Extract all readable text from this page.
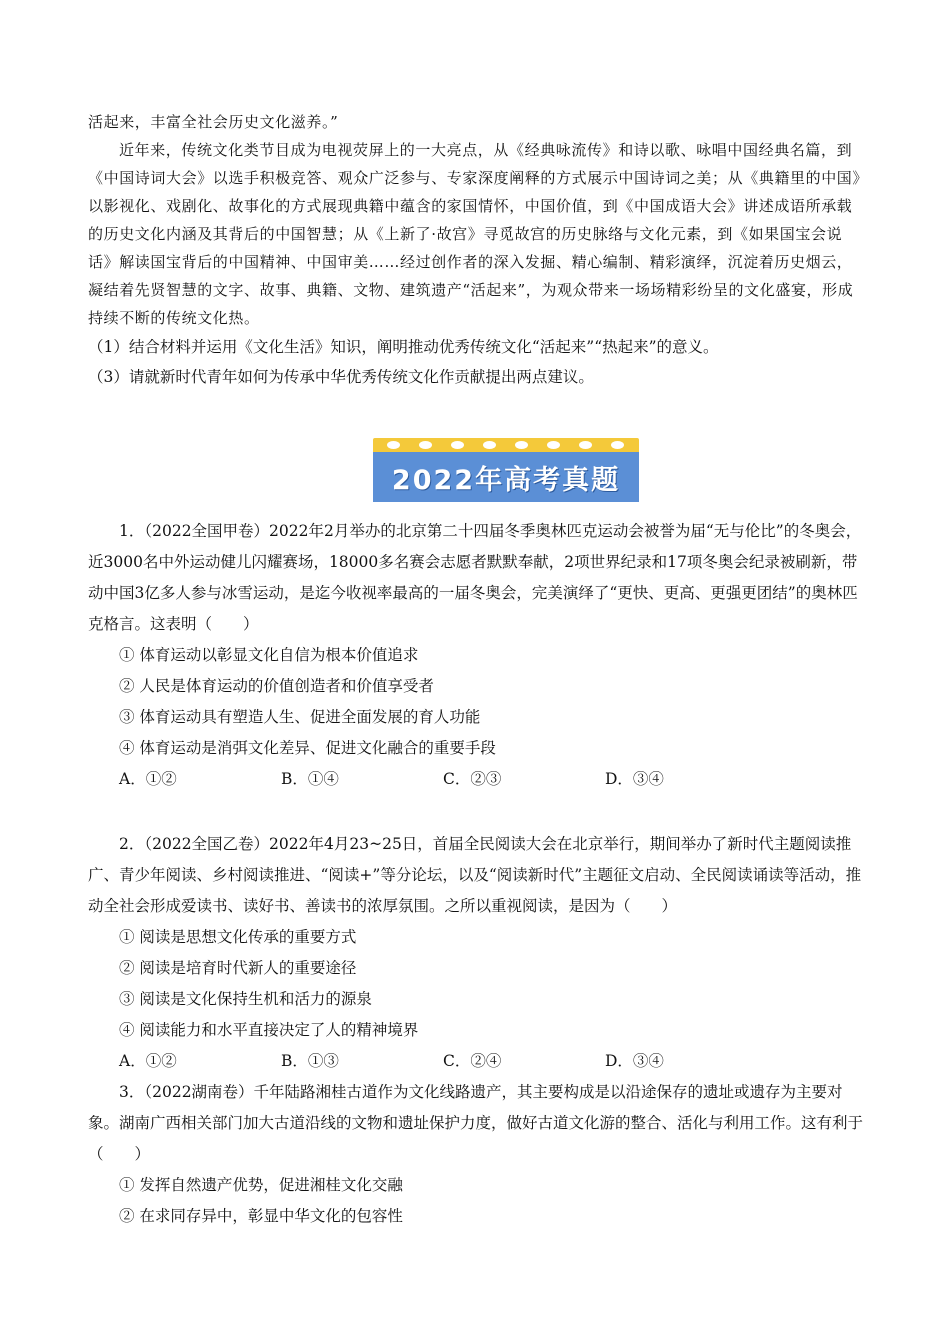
活起来，丰富全社会历史文化滋养。”

近年来，传统文化类节目成为电视荧屏上的一大亮点，从《经典咏流传》和诗以歌、咏唱中国经典名篇，到《中国诗词大会》以选手积极竞答、观众广泛参与、专家深度阐释的方式展示中国诗词之美；从《典籍里的中国》以影视化、戏剧化、故事化的方式展现典籍中蕴含的家国情怀，中国价值，到《中国成语大会》讲述成语所承载的历史文化内涵及其背后的中国智慧；从《上新了·故宫》寻觅故宫的历史脉络与文化元素，到《如果国宝会说话》解读国宝背后的中国精神、中国审美……经过创作者的深入发掘、精心编制、精彩演绎，沉淀着历史烟云，凝结着先贤智慧的文字、故事、典籍、文物、建筑遗产“活起来”，为观众带来一场场精彩纷呈的文化盛宴，形成持续不断的传统文化热。

（1）结合材料并运用《文化生活》知识，阐明推动优秀传统文化“活起来”“热起来”的意义。

（3）请就新时代青年如何为传承中华优秀传统文化作贡献提出两点建议。

2022年高考真题

1．（2022全国甲卷）2022年2月举办的北京第二十四届冬季奥林匹克运动会被誉为届“无与伦比”的冬奥会，近3000名中外运动健儿闪耀赛场，18000多名赛会志愿者默默奉献，2项世界纪录和17项冬奥会纪录被刷新，带动中国3亿多人参与冰雪运动，是迄今收视率最高的一届冬奥会，完美演绎了“更快、更高、更强更团结”的奥林匹克格言。这表明（　　）

① 体育运动以彰显文化自信为根本价值追求

② 人民是体育运动的价值创造者和价值享受者

③ 体育运动具有塑造人生、促进全面发展的育人功能

④ 体育运动是消弭文化差异、促进文化融合的重要手段

A．①②	B．①④	C．②③	D．③④

2．（2022全国乙卷）2022年4月23~25日，首届全民阅读大会在北京举行，期间举办了新时代主题阅读推广、青少年阅读、乡村阅读推进、“阅读+”等分论坛，以及“阅读新时代”主题征文启动、全民阅读诵读等活动，推动全社会形成爱读书、读好书、善读书的浓厚氛围。之所以重视阅读，是因为（　　）

① 阅读是思想文化传承的重要方式

② 阅读是培育时代新人的重要途径

③ 阅读是文化保持生机和活力的源泉

④ 阅读能力和水平直接决定了人的精神境界

A．①②	B．①③	C．②④	D．③④

3．（2022湖南卷）千年陆路湘桂古道作为文化线路遗产，其主要构成是以沿途保存的遗址或遗存为主要对象。湖南广西相关部门加大古道沿线的文物和遗址保护力度，做好古道文化游的整合、活化与利用工作。这有利于（　　）

① 发挥自然遗产优势，促进湘桂文化交融

② 在求同存异中，彰显中华文化的包容性
